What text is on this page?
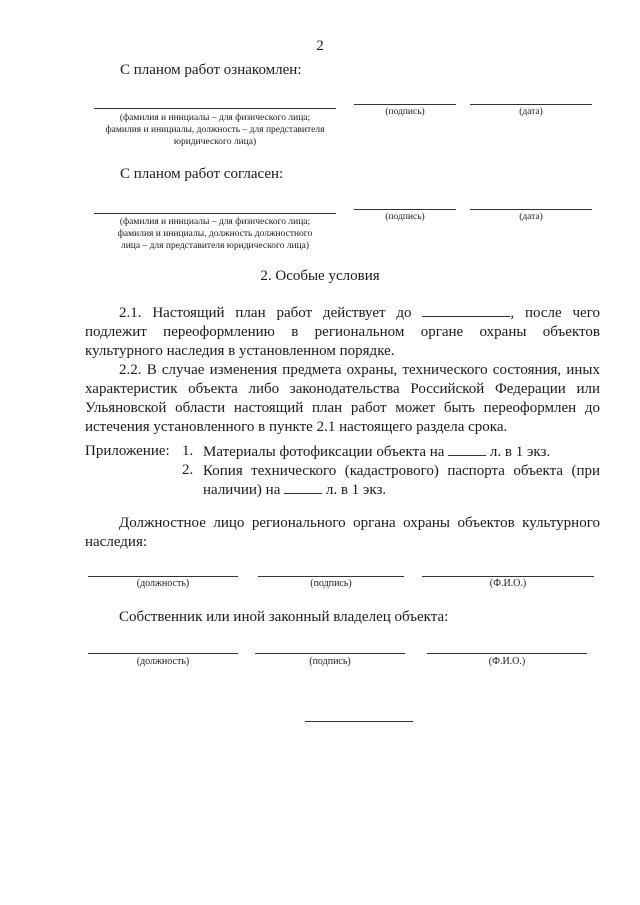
2
С планом работ ознакомлен:
(фамилия и инициалы – для физического лица;
фамилия и инициалы, должность – для представителя
юридического лица)
(подпись)	(дата)
С планом работ согласен:
(фамилия и инициалы – для физического лица;
фамилия и инициалы, должность должностного
лица – для представителя юридического лица)
(подпись)	(дата)
2. Особые условия
2.1. Настоящий план работ действует до	, после чего подлежит переоформлению в региональном органе охраны объектов культурного наследия в установленном порядке.
2.2. В случае изменения предмета охраны, технического состояния, иных характеристик объекта либо законодательства Российской Федерации или Ульяновской области настоящий план работ может быть переоформлен до истечения установленного в пункте 2.1 настоящего раздела срока.
Приложение: 1. Материалы фотофиксации объекта на	л. в 1 экз.
2. Копия технического (кадастрового) паспорта объекта (при наличии) на	л. в 1 экз.
Должностное лицо регионального органа охраны объектов культурного наследия:
(должность)	(подпись)	(Ф.И.О.)
Собственник или иной законный владелец объекта:
(должность)	(подпись)	(Ф.И.О.)
